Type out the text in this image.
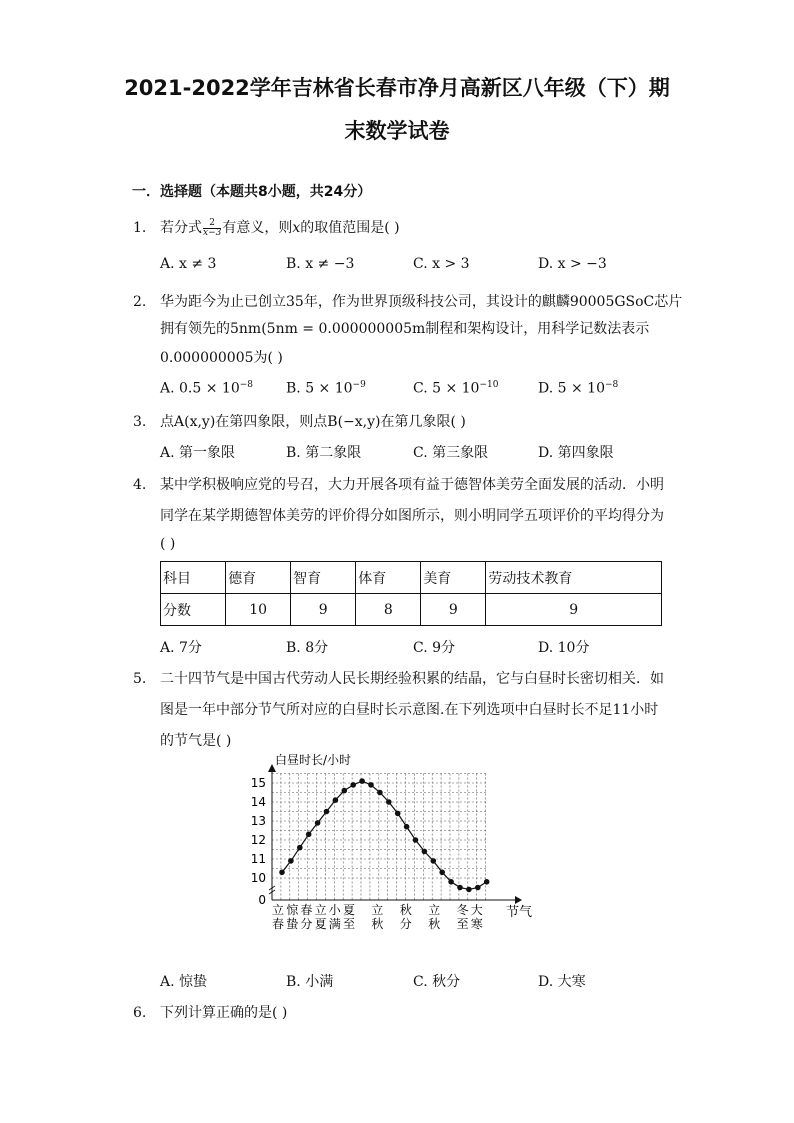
2021-2022学年吉林省长春市净月高新区八年级（下）期
末数学试卷
一．选择题（本题共8小题，共24分）
1. 若分式 $\frac{2}{x-3}$ 有意义，则x的取值范围是( )
A. x ≠ 3	B. x ≠ −3	C. x > 3	D. x > −3
2. 华为距今为止已创立35年，作为世界顶级科技公司，其设计的麒麟90005GSoC芯片
拥有领先的5nm(5nm = 0.000000005m制程和架构设计，用科学记数法表示
0.000000005为( )
A. $0.5 \times 10^{-8}$ B. $5 \times 10^{-9}$	C. $5 \times 10^{-10}$	D. $5 \times 10^{-8}$
3. 点A(x,y)在第四象限，则点B(−x,y)在第几象限( )
A. 第一象限	B. 第二象限	C. 第三象限	D. 第四象限
4. 某中学积极响应党的号召，大力开展各项有益于德智体美劳全面发展的活动．小明
同学在某学期德智体美劳的评价得分如图所示，则小明同学五项评价的平均得分为
( )
科目	德育	智育	体育	美育	劳动技术教育
分数	10	9	8	9	9
A. 7分	B. 8分	C. 9分	D. 10分
5. 二十四节气是中国古代劳动人民长期经验积累的结晶，它与白昼时长密切相关．如
图是一年中部分节气所对应的白昼时长示意图.在下列选项中白昼时长不足11小时
的节气是( )
0
10
11
12
13
14
15
立
春
惊
蛰
春
分
立
夏
小
满
夏
至
立
秋
秋
分
立
秋
冬
至
大
寒
白昼时长/小时
节气
A. 惊蛰	B. 小满	C. 秋分	D. 大寒
6. 下列计算正确的是( )
